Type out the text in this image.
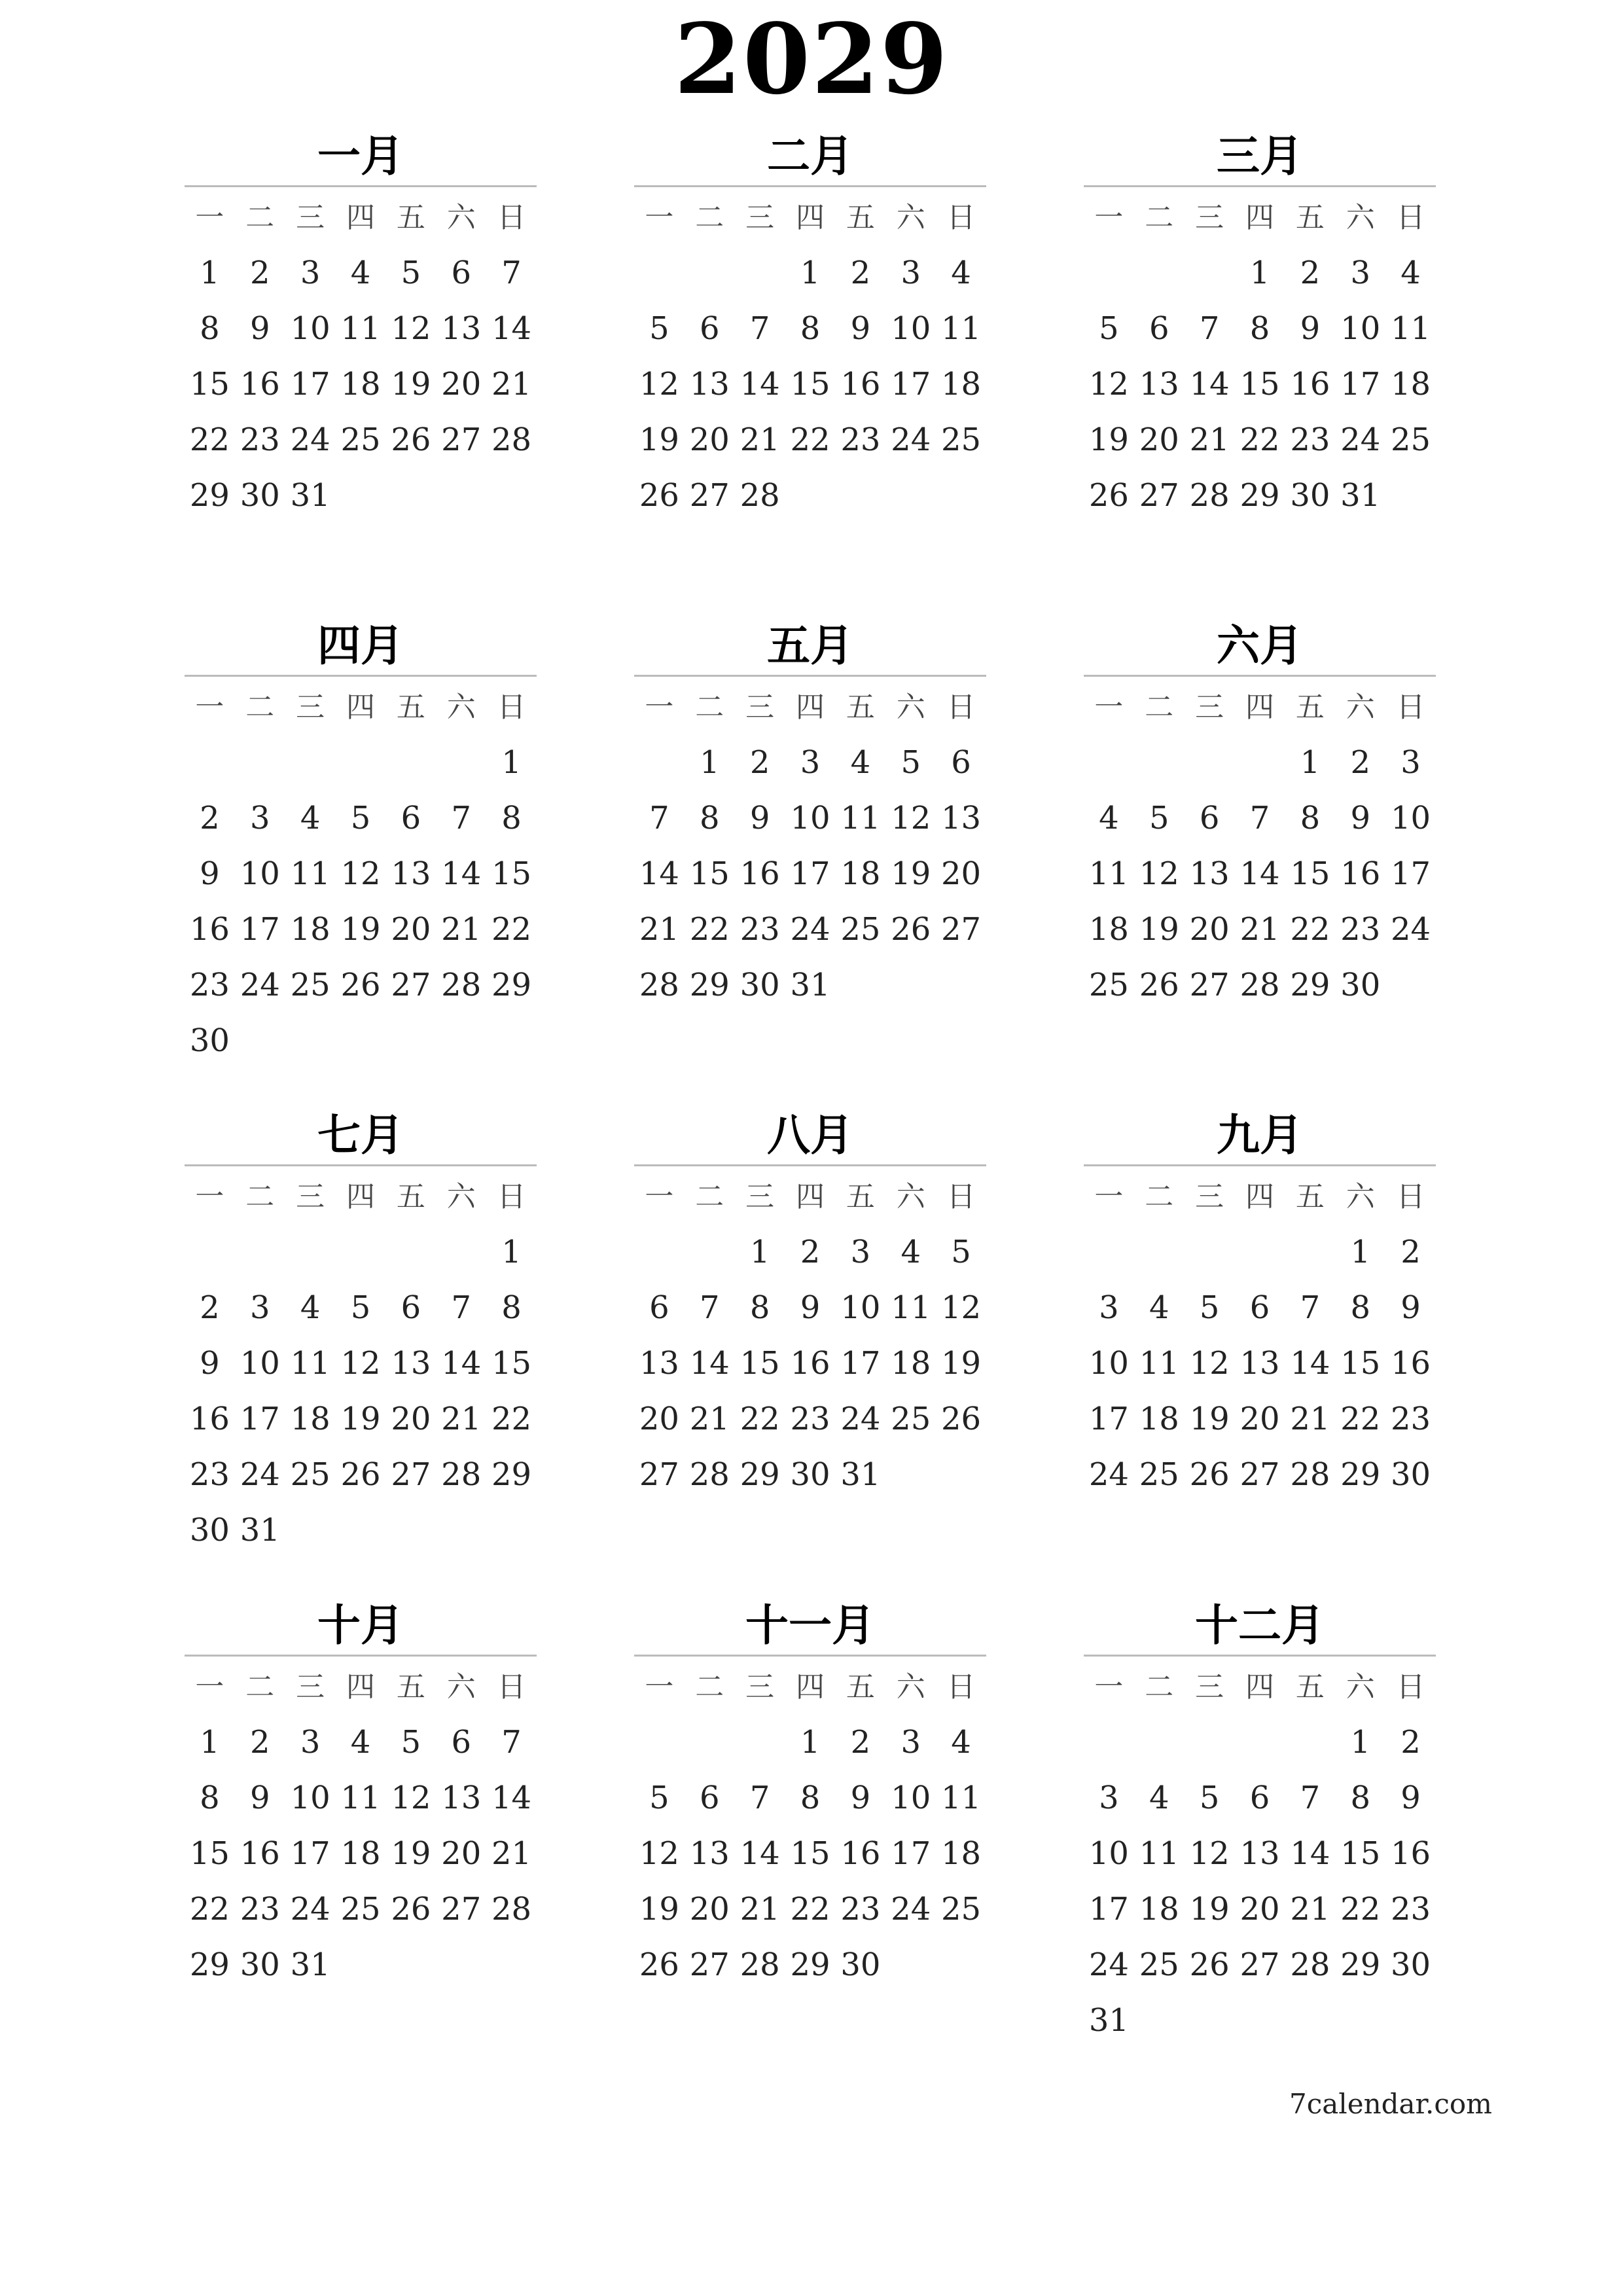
2029
一月
一 二 三 四 五 六 日
1 2 3 4 5 6 7
8 9 10 11 12 13 14
15 16 17 18 19 20 21
22 23 24 25 26 27 28
29 30 31
二月
一 二 三 四 五 六 日
1 2 3 4
5 6 7 8 9 10 11
12 13 14 15 16 17 18
19 20 21 22 23 24 25
26 27 28
三月
一 二 三 四 五 六 日
1 2 3 4
5 6 7 8 9 10 11
12 13 14 15 16 17 18
19 20 21 22 23 24 25
26 27 28 29 30 31
四月
一 二 三 四 五 六 日
1
2 3 4 5 6 7 8
9 10 11 12 13 14 15
16 17 18 19 20 21 22
23 24 25 26 27 28 29
30
五月
一 二 三 四 五 六 日
1 2 3 4 5 6
7 8 9 10 11 12 13
14 15 16 17 18 19 20
21 22 23 24 25 26 27
28 29 30 31
六月
一 二 三 四 五 六 日
1 2 3
4 5 6 7 8 9 10
11 12 13 14 15 16 17
18 19 20 21 22 23 24
25 26 27 28 29 30
七月
一 二 三 四 五 六 日
1
2 3 4 5 6 7 8
9 10 11 12 13 14 15
16 17 18 19 20 21 22
23 24 25 26 27 28 29
30 31
八月
一 二 三 四 五 六 日
1 2 3 4 5
6 7 8 9 10 11 12
13 14 15 16 17 18 19
20 21 22 23 24 25 26
27 28 29 30 31
九月
一 二 三 四 五 六 日
1 2
3 4 5 6 7 8 9
10 11 12 13 14 15 16
17 18 19 20 21 22 23
24 25 26 27 28 29 30
十月
一 二 三 四 五 六 日
1 2 3 4 5 6 7
8 9 10 11 12 13 14
15 16 17 18 19 20 21
22 23 24 25 26 27 28
29 30 31
十一月
一 二 三 四 五 六 日
1 2 3 4
5 6 7 8 9 10 11
12 13 14 15 16 17 18
19 20 21 22 23 24 25
26 27 28 29 30
十二月
一 二 三 四 五 六 日
1 2
3 4 5 6 7 8 9
10 11 12 13 14 15 16
17 18 19 20 21 22 23
24 25 26 27 28 29 30
31
7calendar.com
